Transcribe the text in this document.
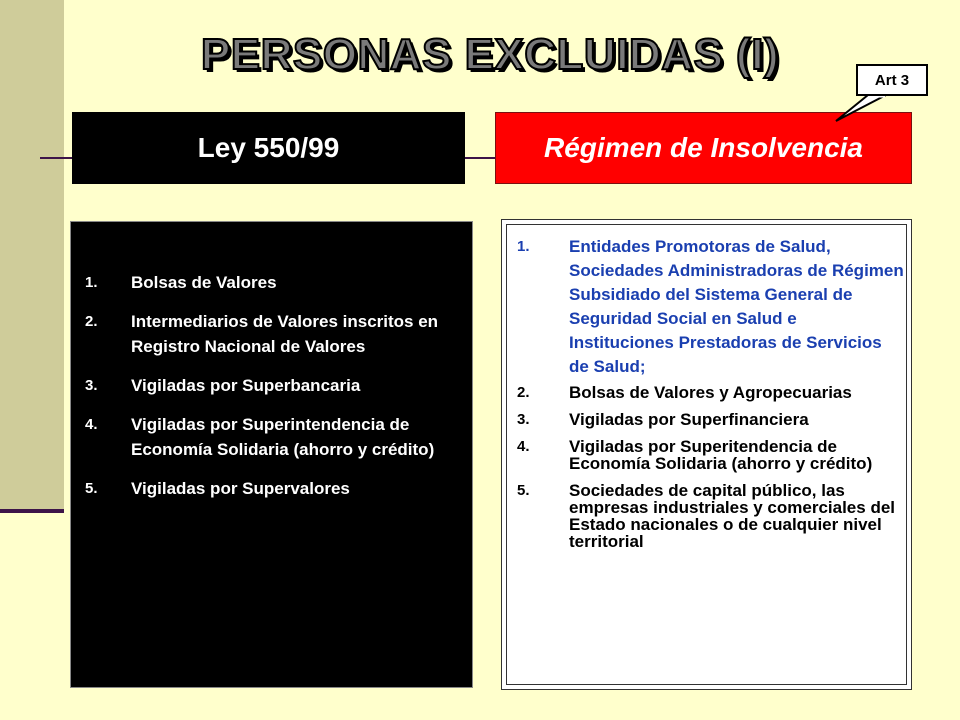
PERSONAS EXCLUIDAS (I)
Ley 550/99	Régimen de Insolvencia
Art 3
1.	Bolsas de Valores
2.	Intermediarios de Valores inscritos en Registro Nacional de Valores
3.	Vigiladas por Superbancaria
4.	Vigiladas por Superintendencia de Economía Solidaria (ahorro y crédito)
5.	Vigiladas por Supervalores
1.	Entidades Promotoras de Salud, Sociedades Administradoras de Régimen Subsidiado del Sistema General de Seguridad Social en Salud e Instituciones Prestadoras de Servicios de Salud;
2.	Bolsas de Valores y Agropecuarias
3.	Vigiladas por Superfinanciera
4.	Vigiladas por Superitendencia de Economía Solidaria (ahorro y crédito)
5.	Sociedades de capital público, las empresas industriales y comerciales del Estado nacionales o de cualquier nivel territorial
